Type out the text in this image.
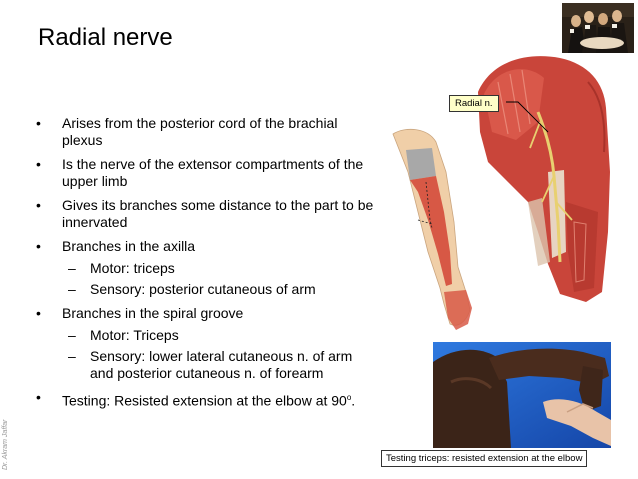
Radial nerve
• Arises from the posterior cord of the brachial plexus
• Is the nerve of the extensor compartments of the upper limb
• Gives its branches some distance to the part to be innervated
• Branches in the axilla
– Motor: triceps
– Sensory: posterior cutaneous of arm
• Branches in the spiral groove
– Motor: Triceps
– Sensory: lower lateral cutaneous n. of arm and posterior cutaneous n. of forearm
• Testing: Resisted extension at the elbow at 90$^o$.
Radial n.
Testing triceps: resisted extension at the elbow
Dr. Akram Jaffar
